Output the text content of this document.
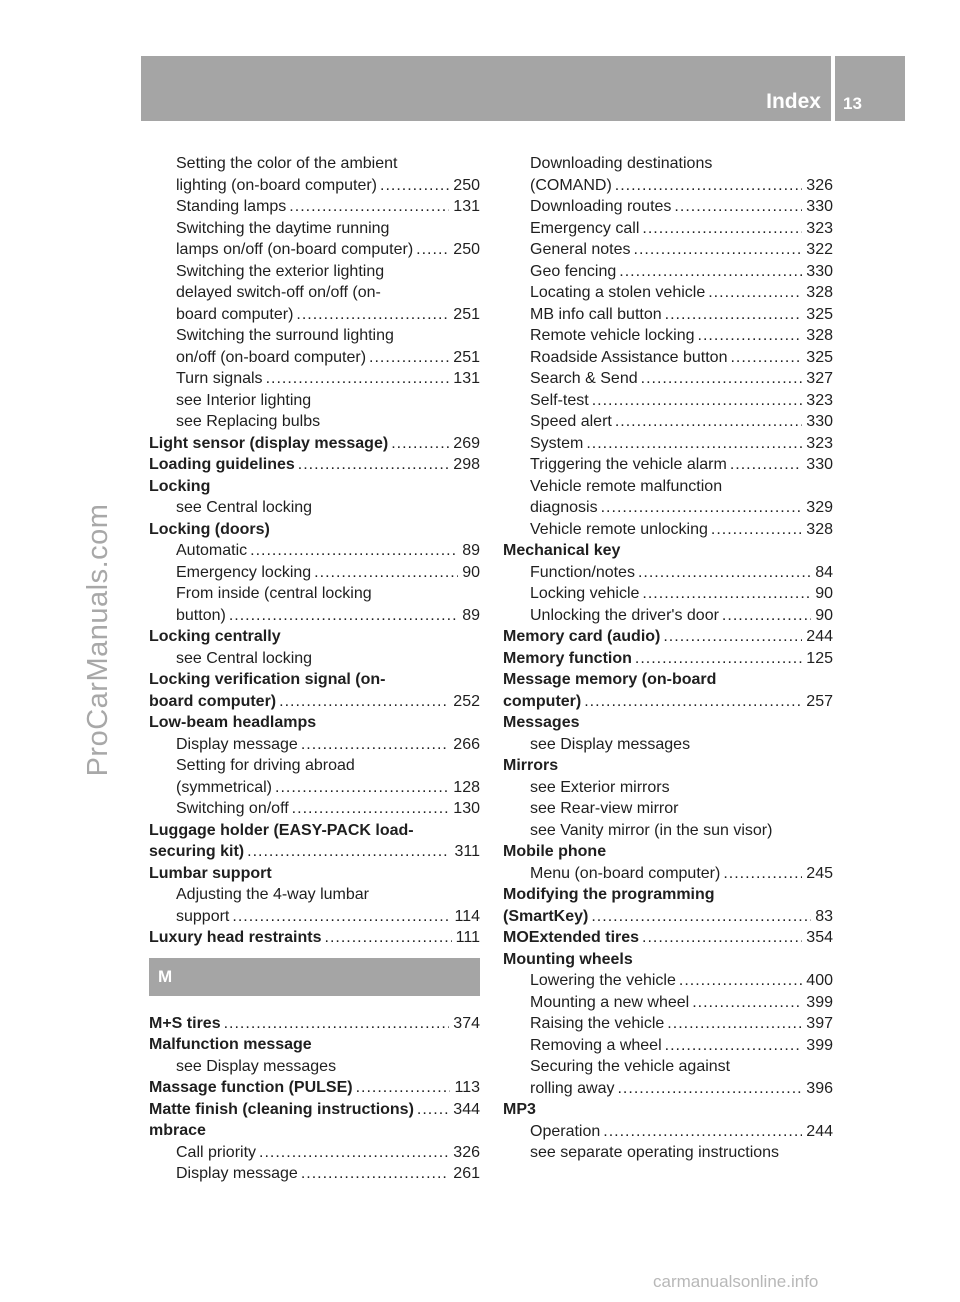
Index 13
ProCarManuals.com
carmanualsonline.info
Setting the color of the ambient
lighting (on-board computer) .....	250
Standing lamps .....	131
Switching the daytime running
lamps on/off (on-board computer) .....	250
Switching the exterior lighting
delayed switch-off on/off (on-
board computer) .....	251
Switching the surround lighting
on/off (on-board computer) .....	251
Turn signals .....	131
see Interior lighting
see Replacing bulbs
Light sensor (display message) .....	269
Loading guidelines .....	298
Locking
see Central locking
Locking (doors)
Automatic .....	89
Emergency locking .....	90
From inside (central locking
button) .....	89
Locking centrally
see Central locking
Locking verification signal (on-
board computer) .....	252
Low-beam headlamps
Display message .....	266
Setting for driving abroad
(symmetrical) .....	128
Switching on/off .....	130
Luggage holder (EASY-PACK load-
securing kit) .....	311
Lumbar support
Adjusting the 4-way lumbar
support .....	114
Luxury head restraints .....	111
M
M+S tires .....	374
Malfunction message
see Display messages
Massage function (PULSE) .....	113
Matte finish (cleaning instructions) ..... 344
mbrace
Call priority .....	326
Display message .....	261
Downloading destinations
(COMAND) .....	326
Downloading routes .....	330
Emergency call .....	323
General notes .....	322
Geo fencing .....	330
Locating a stolen vehicle .....	328
MB info call button .....	325
Remote vehicle locking .....	328
Roadside Assistance button .....	325
Search & Send .....	327
Self-test .....	323
Speed alert .....	330
System .....	323
Triggering the vehicle alarm .....	330
Vehicle remote malfunction
diagnosis .....	329
Vehicle remote unlocking .....	328
Mechanical key
Function/notes .....	84
Locking vehicle .....	90
Unlocking the driver's door .....	90
Memory card (audio) .....	244
Memory function .....	125
Message memory (on-board
computer) .....	257
Messages
see Display messages
Mirrors
see Exterior mirrors
see Rear-view mirror
see Vanity mirror (in the sun visor)
Mobile phone
Menu (on-board computer) .....	245
Modifying the programming
(SmartKey) .....	83
MOExtended tires .....	354
Mounting wheels
Lowering the vehicle .....	400
Mounting a new wheel .....	399
Raising the vehicle .....	397
Removing a wheel .....	399
Securing the vehicle against
rolling away .....	396
MP3
Operation .....	244
see separate operating instructions
